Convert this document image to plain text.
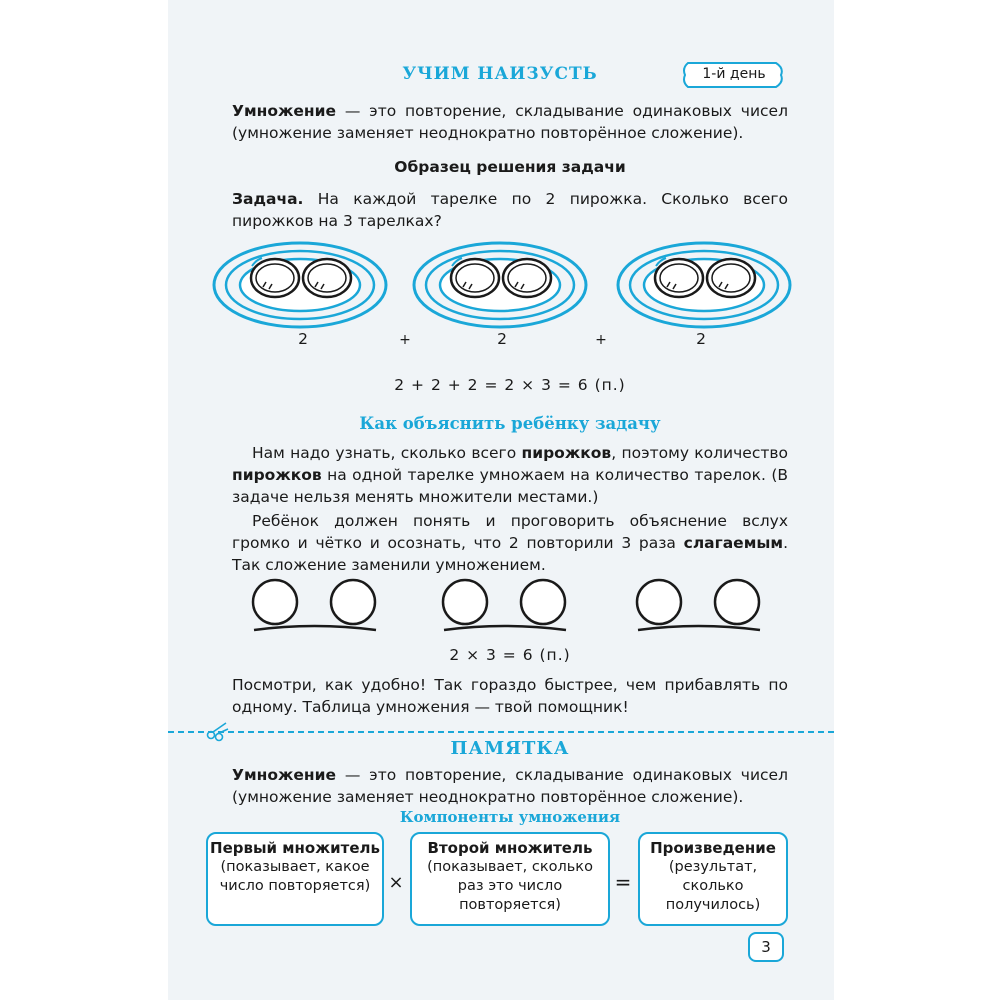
УЧИМ НАИЗУСТЬ	1-й день
Умножение — это повторение, складывание одинаковых чисел (умножение заменяет неоднократно повторённое сложение).
Образец решения задачи
Задача. На каждой тарелке по 2 пирожка. Сколько всего пирожков на 3 тарелках?
2	+	2	+	2
2 + 2 + 2 = 2 × 3 = 6 (п.)
Как объяснить ребёнку задачу
Нам надо узнать, сколько всего пирожков, поэтому количество пирожков на одной тарелке умножаем на количество тарелок. (В задаче нельзя менять множители местами.)
Ребёнок должен понять и проговорить объяснение вслух громко и чётко и осознать, что 2 повторили 3 раза слагаемым. Так сложение заменили умножением.
2 × 3 = 6 (п.)
Посмотри, как удобно! Так гораздо быстрее, чем прибавлять по одному. Таблица умножения — твой помощник!
ПАМЯТКА
Умножение — это повторение, складывание одинаковых чисел (умножение заменяет неоднократно повторённое сложение).
Компоненты умножения
Первый множитель
(показывает, какое число повторяется)	×
Второй множитель
(показывает, сколько раз это число повторяется)
=
Произведение
(результат, сколько получилось)
3
